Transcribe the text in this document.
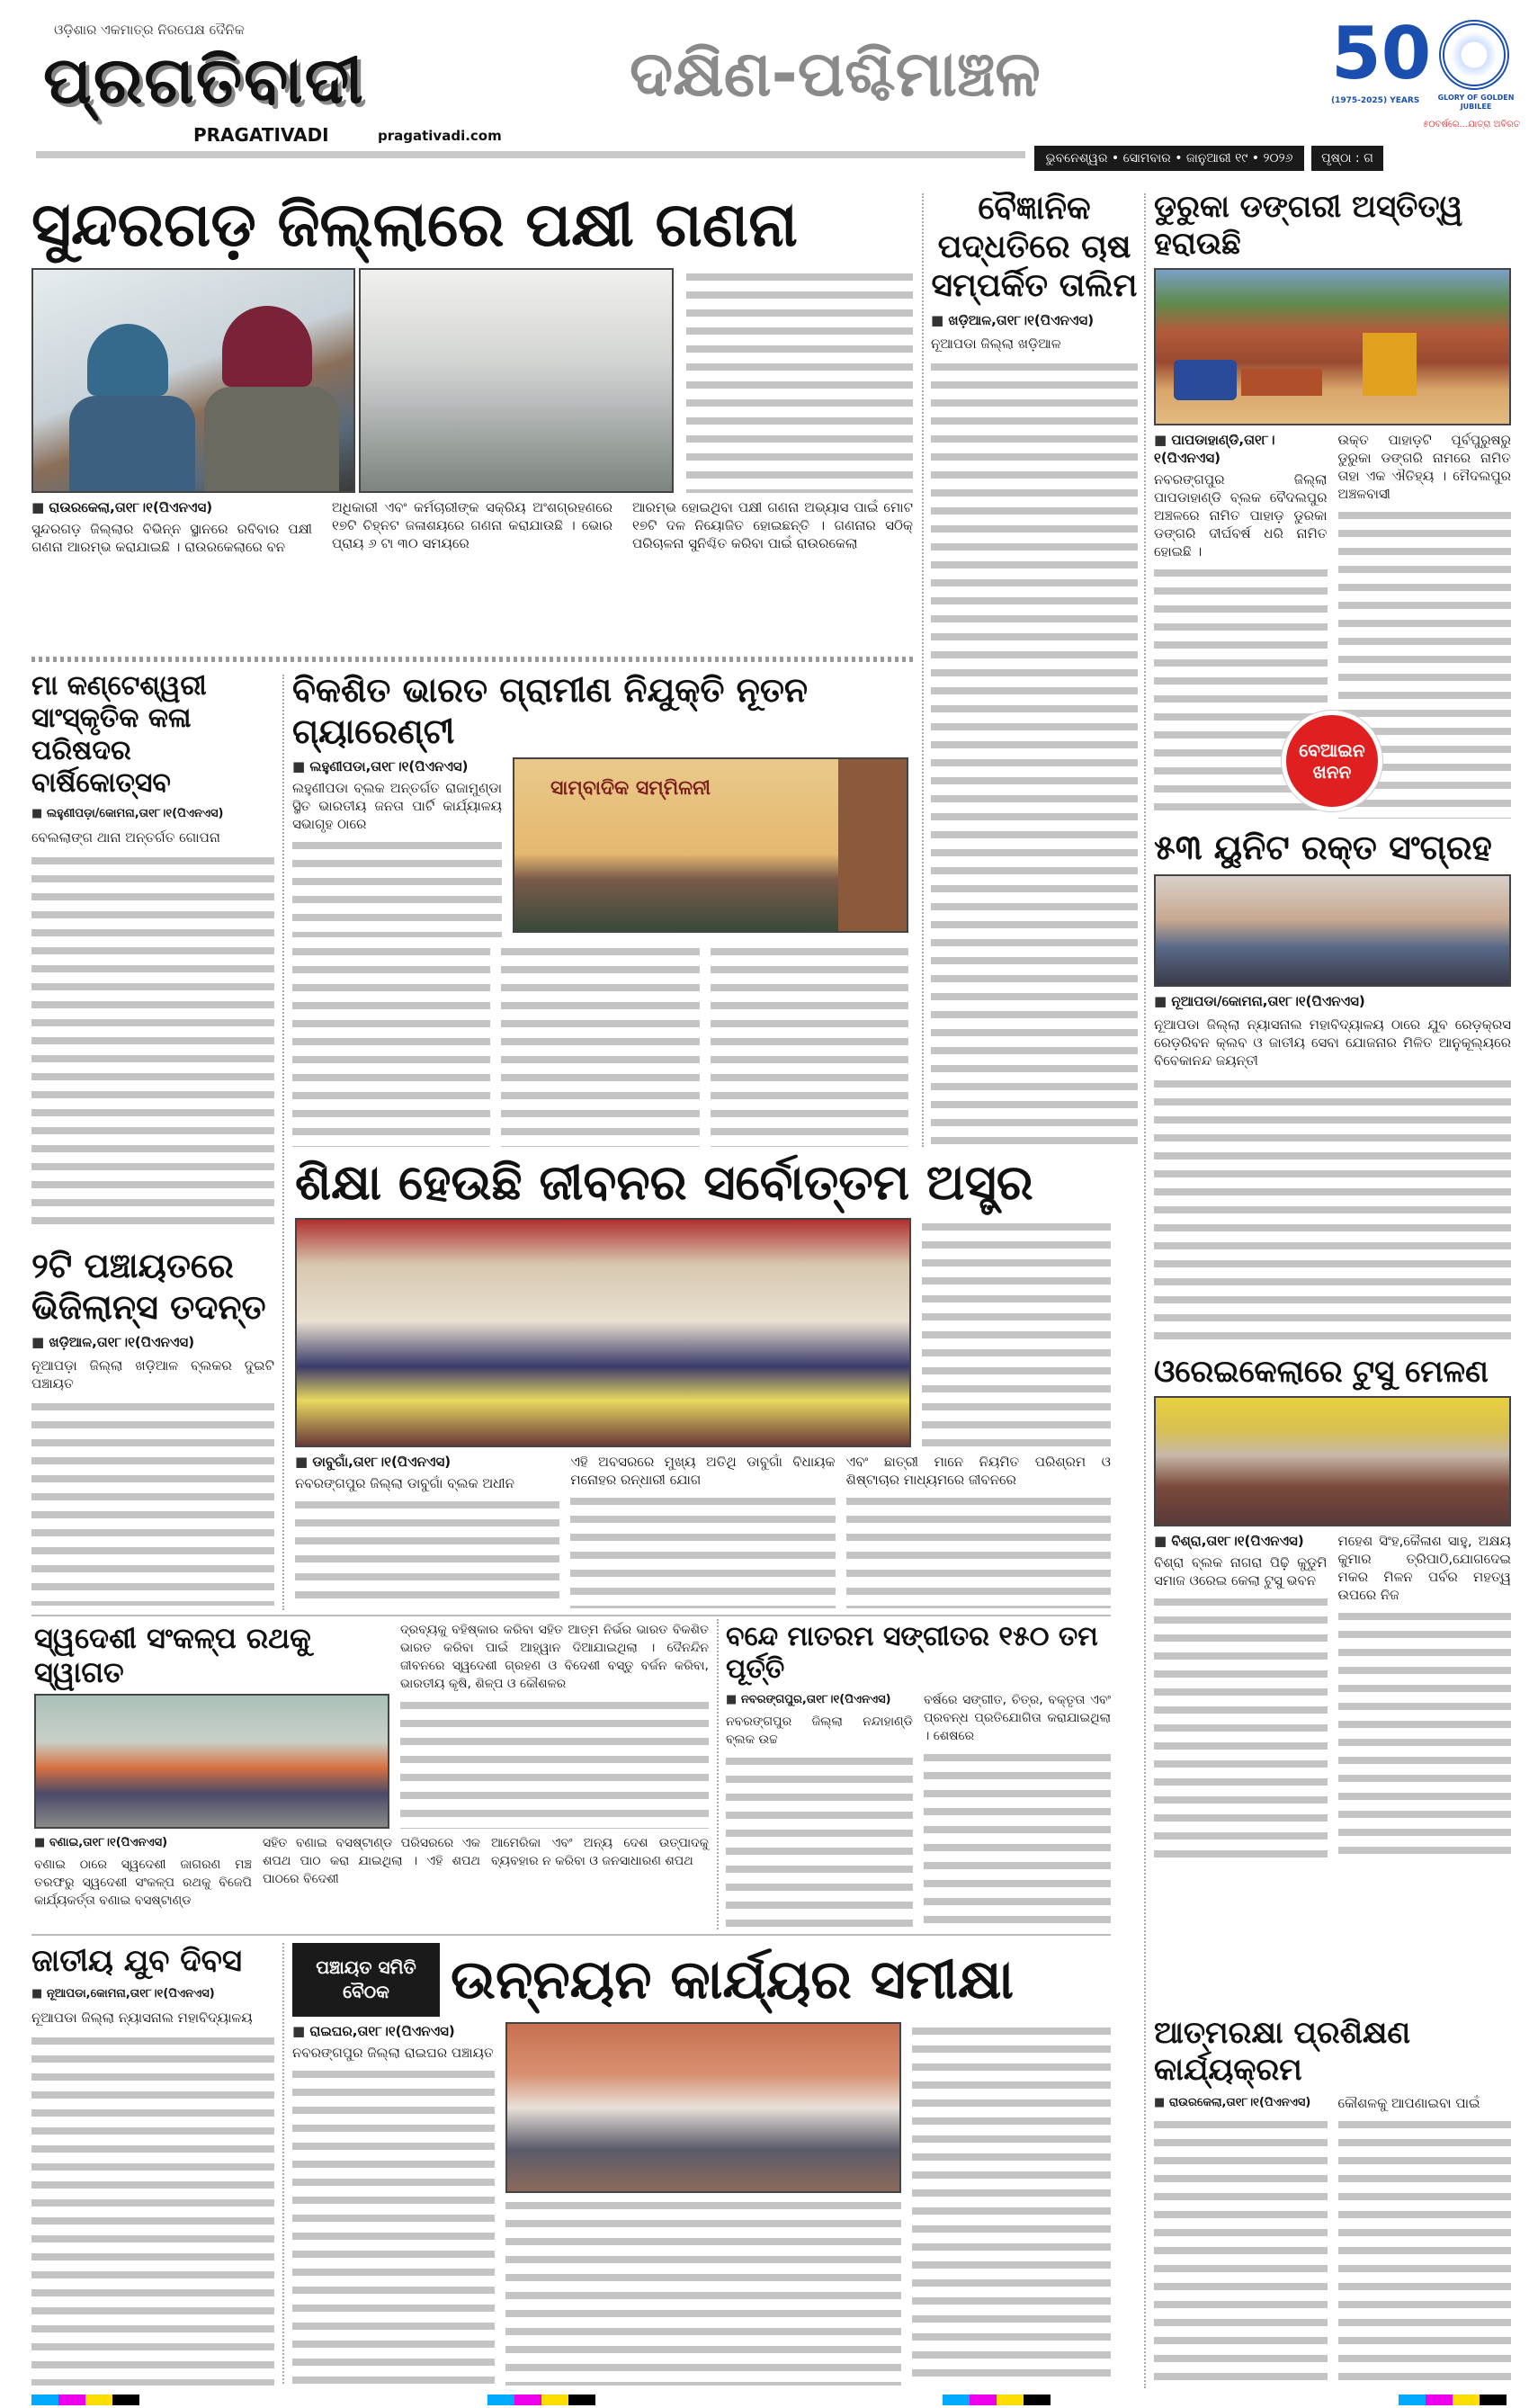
ଓଡ଼ିଶାର ଏକମାତ୍ର ନିରପେକ୍ଷ ଦୈନିକ
ପ୍ରଗତିବାଦୀ
PRAGATIVADI	pragativadi.com
ଦକ୍ଷିଣ-ପଶ୍ଚିମାଞ୍ଚଳ	50
(1975-2025) YEARS	GLORY OF GOLDEN JUBILEE
୫୦ବର୍ଷରେ...ଯାତ୍ରା ଅବିରତ
ଭୁବନେଶ୍ୱର • ସୋମବାର • ଜାନୁଆରୀ ୧୯ • ୨୦୨୬	ପୃଷ୍ଠା : ଗ
ସୁନ୍ଦରଗଡ଼ ଜିଲ୍ଲାରେ ପକ୍ଷୀ ଗଣନା
■ ରାଉରକେଲା,ତା୧୮।୧(ପିଏନଏସ)
ସୁନ୍ଦରଗଡ଼ ଜିଲ୍ଲାର ବିଭିନ୍ନ ସ୍ଥାନରେ ରବିବାର ପକ୍ଷୀ ଗଣନା ଆରମ୍ଭ କରାଯାଇଛି । ରାଉରକେଲାରେ ବନ
ଅଧିକାରୀ ଏବଂ କର୍ମଚାରୀଙ୍କ ସକ୍ରିୟ ଅଂଶଗ୍ରହଣରେ ୧୭ଟି ଚିହ୍ନଟ ଜଳାଶୟରେ ଗଣନା କରାଯାଉଛି । ଭୋର ପ୍ରାୟ ୬ ଟା ୩୦ ସମୟରେ
ଆରମ୍ଭ ହୋଇଥିବା ପକ୍ଷୀ ଗଣନା ଅଭ୍ୟାସ ପାଇଁ ମୋଟ ୧୭ଟି ଦଳ ନିୟୋଜିତ ହୋଇଛନ୍ତି । ଗଣନାର ସଠିକ୍ ପରିଚାଳନା ସୁନିଶ୍ଚିତ କରିବା ପାଇଁ ରାଉରକେଲା
ବୈଜ୍ଞାନିକ ପଦ୍ଧତିରେ ଚାଷ ସମ୍ପର୍କିତ ତାଲିମ
■ ଖଡ଼ିଆଳ,ତା୧୮।୧(ପିଏନଏସ)
ନୂଆପଡା ଜିଲ୍ଲା ଖଡ଼ିଆଳ
ଡୁରୁକା ଡଙ୍ଗରୀ ଅସ୍ତିତ୍ୱ ହରାଉଛି
■ ପାପଡାହାଣ୍ଡି,ତା୧୮।୧(ପିଏନଏସ)
ନବରଙ୍ଗପୁର ଜିଲ୍ଲା ପାପଡାହାଣ୍ଡି ବ୍ଲକ ବୈଦଲପୁର ଅଞ୍ଚଳରେ ନାମିତ ପାହାଡ଼ ଡୁରକା ଡଙ୍ଗରି ଦୀର୍ଘବର୍ଷ ଧରି ନାମିତ ହୋଇଛି ।
ଉକ୍ତ ପାହାଡ଼ଟି ପୂର୍ବପୁରୁଷରୁ ଡୁରୁକା ଡଙ୍ଗରି ନାମରେ ନାମିତ ତାହା ଏକ ଐତିହ୍ୟ । ମୈଦଲପୁର ଅଞ୍ଚଳବାସୀ
ବେଆଇନ ଖନନ
ମା କଣ୍ଟେଶ୍ୱରୀ ସାଂସ୍କୃତିକ କଳା ପରିଷଦର ବାର୍ଷିକୋତ୍ସବ
■ ଲହୁଣୀପଡ଼ା/କୋମନା,ତା୧୮।୧(ପିଏନଏସ)
ବେଲଲାଙ୍ଗ ଥାନା ଅନ୍ତର୍ଗତ ଗୋପନା
ବିକଶିତ ଭାରତ ଗ୍ରାମୀଣ ନିଯୁକ୍ତି ନୂତନ ଗ୍ୟାରେଣ୍ଟୀ
■ ଲହୁଣୀପଡା,ତା୧୮।୧(ପିଏନଏସ)
ଲହୁଣୀପଡା ବ୍ଲକ ଅନ୍ତର୍ଗତ ରାଜାମୁଣ୍ଡା ସ୍ଥିତ ଭାରତୀୟ ଜନତା ପାର୍ଟି କାର୍ଯ୍ୟାଳୟ ସଭାଗୃହ ଠାରେ
ସାମ୍ବାଦିକ ସମ୍ମିଳନୀ
୫୩ ୟୁନିଟ ରକ୍ତ ସଂଗ୍ରହ
■ ନୂଆପଡା/କୋମନା,ତା୧୮।୧(ପିଏନଏସ)
ନୂଆପଡା ଜିଲ୍ଲା ନ୍ୟାସନାଲ ମହାବିଦ୍ୟାଳୟ ଠାରେ ଯୁବ ରେଡ଼କ୍ରସ ରେଡ଼ରିବନ କ୍ଲବ ଓ ଜାତୀୟ ସେବା ଯୋଜନାର ମିଳିତ ଆନୁକୂଲ୍ୟରେ ବିବେକାନନ୍ଦ ଜୟନ୍ତୀ
ଶିକ୍ଷା ହେଉଛି ଜୀବନର ସର୍ବୋତ୍ତମ ଅସ୍ତ୍ର
■ ଡାବୁଗାଁ,ତା୧୮।୧(ପିଏନଏସ)
ନବରଙ୍ଗପୁର ଜିଲ୍ଲା ଡାବୁଗାଁ ବ୍ଲକ ଅଧୀନ
ଏହି ଅବସରରେ ମୁଖ୍ୟ ଅତିଥି ଡାବୁଗାଁ ବିଧାୟକ ମନୋହର ରନ୍ଧାରୀ ଯୋଗ
ଏବଂ ଛାତ୍ରୀ ମାନେ ନିୟମିତ ପରିଶ୍ରମ ଓ ଶିଷ୍ଟାଚାର ମାଧ୍ୟମରେ ଜୀବନରେ
୨ଟି ପଞ୍ଚାୟତରେ ଭିଜିଲାନ୍ସ ତଦନ୍ତ
■ ଖଡ଼ିଆଳ,ତା୧୮।୧(ପିଏନଏସ)
ନୂଆପଡ଼ା ଜିଲ୍ଲା ଖଡ଼ିଆଳ ବ୍ଲକର ଦୁଇଟି ପଞ୍ଚାୟତ	ଓରେଇକେଲାରେ ଟୁସୁ ମେଳଣ
■ ବିଶ୍ରା,ତା୧୮।୧(ପିଏନଏସ)
ବିଶ୍ରା ବ୍ଲକ ନାଗରା ପିଢ଼ି କୁଡୁମି ସମାଜ ଓରେଇ କେଲା ଟୁସୁ ଭବନ
ମହେଶ ସିଂହ,କୈଳାଶ ସାହୁ, ଅକ୍ଷୟ କୁମାର ତ୍ରିପାଠି,ଯୋଗଦେଇ ମକର ମିଳନ ପର୍ବର ମହତ୍ୱ ଉପରେ ନିଜ
ସ୍ୱଦେଶୀ ସଂକଳ୍ପ ରଥକୁ ସ୍ୱାଗତ
ଦ୍ରବ୍ୟକୁ ବହିଷ୍କାର କରିବା ସହିତ ଆତ୍ମ ନିର୍ଭର ଭାରତ ବିକଶିତ ଭାରତ କରିବା ପାଇଁ ଆହ୍ୱାନ ଦିଆଯାଇଥିଲା । ଦୈନନ୍ଦିନ ଜୀବନରେ ସ୍ୱଦେଶୀ ଗ୍ରହଣ ଓ ବିଦେଶୀ ବସ୍ତୁ ବର୍ଜନ କରିବା, ଭାରତୀୟ କୃଷି, ଶିଳ୍ପ ଓ କୌଶଳର
■ ବଣାଇ,ତା୧୮।୧(ପିଏନଏସ)
ବଣାଇ ଠାରେ ସ୍ୱଦେଶୀ ଜାଗରଣ ମଞ୍ଚ ତରଫରୁ ସ୍ୱଦେଶୀ ସଂକଳ୍ପ ରଥକୁ ବିଜେପି କାର୍ଯ୍ୟକର୍ତ୍ତା ବଣାଇ ବସଷ୍ଟାଣ୍ଡ
ସହିତ ବଣାଇ ବସଷ୍ଟାଣ୍ଡ ପରିସରରେ ଏକ ଶପଥ ପାଠ କରା ଯାଇଥିଲା । ଏହି ଶପଥ ପାଠରେ ବିଦେଶୀ
ଆମେରିକା ଏବଂ ଅନ୍ୟ ଦେଶ ଉତ୍ପାଦକୁ ବ୍ୟବହାର ନ କରିବା ଓ ଜନସାଧାରଣ ଶପଥ
ବନ୍ଦେ ମାତରମ ସଙ୍ଗୀତର ୧୫୦ ତମ ପୂର୍ତ୍ତି
■ ନବରଙ୍ଗପୁର,ତା୧୮।୧(ପିଏନଏସ)
ନବରଙ୍ଗପୁର ଜିଲ୍ଲା ନନ୍ଦାହାଣ୍ଡି ବ୍ଲକ ଉଚ୍ଚ
ବର୍ଷରେ ସଙ୍ଗୀତ, ଚିତ୍ର, ବକ୍ତୃତା ଏବଂ ପ୍ରବନ୍ଧ ପ୍ରତିଯୋଗିତା କରାଯାଇଥିଲା । ଶେଷରେ
ଜାତୀୟ ଯୁବ ଦିବସ
■ ନୂଆପଡା,କୋମନା,ତା୧୮।୧(ପିଏନଏସ)
ନୂଆପଡା ଜିଲ୍ଲା ନ୍ୟାସନାଲ ମହାବିଦ୍ୟାଳୟ
ପଞ୍ଚାୟତ ସମିତି ବୈଠକ	ଉନ୍ନୟନ କାର୍ଯ୍ୟର ସମୀକ୍ଷା
■ ରାଇଘର,ତା୧୮।୧(ପିଏନଏସ)
ନବରଙ୍ଗପୁର ଜିଲ୍ଲା ରାଇଘର ପଞ୍ଚାୟତ
ଆତ୍ମରକ୍ଷା ପ୍ରଶିକ୍ଷଣ କାର୍ଯ୍ୟକ୍ରମ
■ ରାଉରକେଲା,ତା୧୮।୧(ପିଏନଏସ)	କୌଶଳକୁ ଆପଣାଇବା ପାଇଁ
